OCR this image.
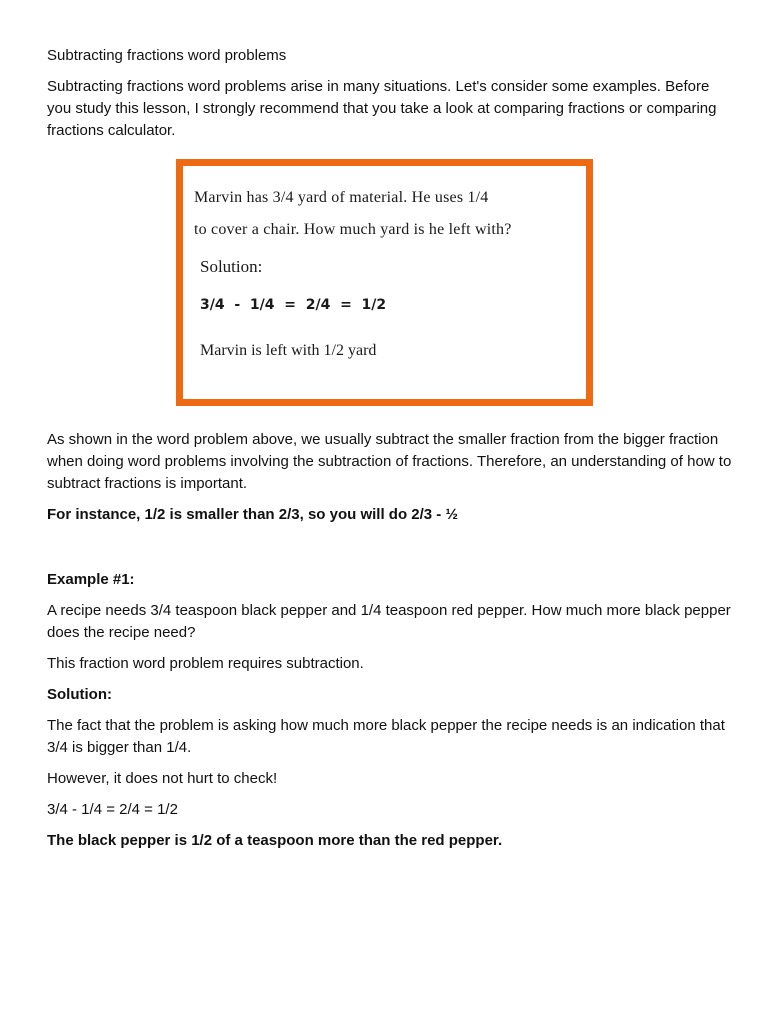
Subtracting fractions word problems

Subtracting fractions word problems arise in many situations. Let's consider some examples. Before you study this lesson, I strongly recommend that you take a look at comparing fractions or comparing fractions calculator.

Marvin has 3/4 yard of material. He uses 1/4

to cover a chair. How much yard is he left with?

Solution:

3/4  -  1/4  =  2/4  =  1/2

Marvin is left with 1/2 yard

As shown in the word problem above, we usually subtract the smaller fraction from the bigger fraction when doing word problems involving the subtraction of fractions. Therefore, an understanding of how to subtract fractions is important.

For instance, 1/2 is smaller than 2/3, so you will do 2/3 - ½

Example #1:

A recipe needs 3/4 teaspoon black pepper and 1/4 teaspoon red pepper. How much more black pepper does the recipe need?

This fraction word problem requires subtraction.

Solution:

The fact that the problem is asking how much more black pepper the recipe needs is an indication that 3/4 is bigger than 1/4.

However, it does not hurt to check!

3/4 - 1/4 = 2/4 = 1/2

The black pepper is 1/2 of a teaspoon more than the red pepper.
